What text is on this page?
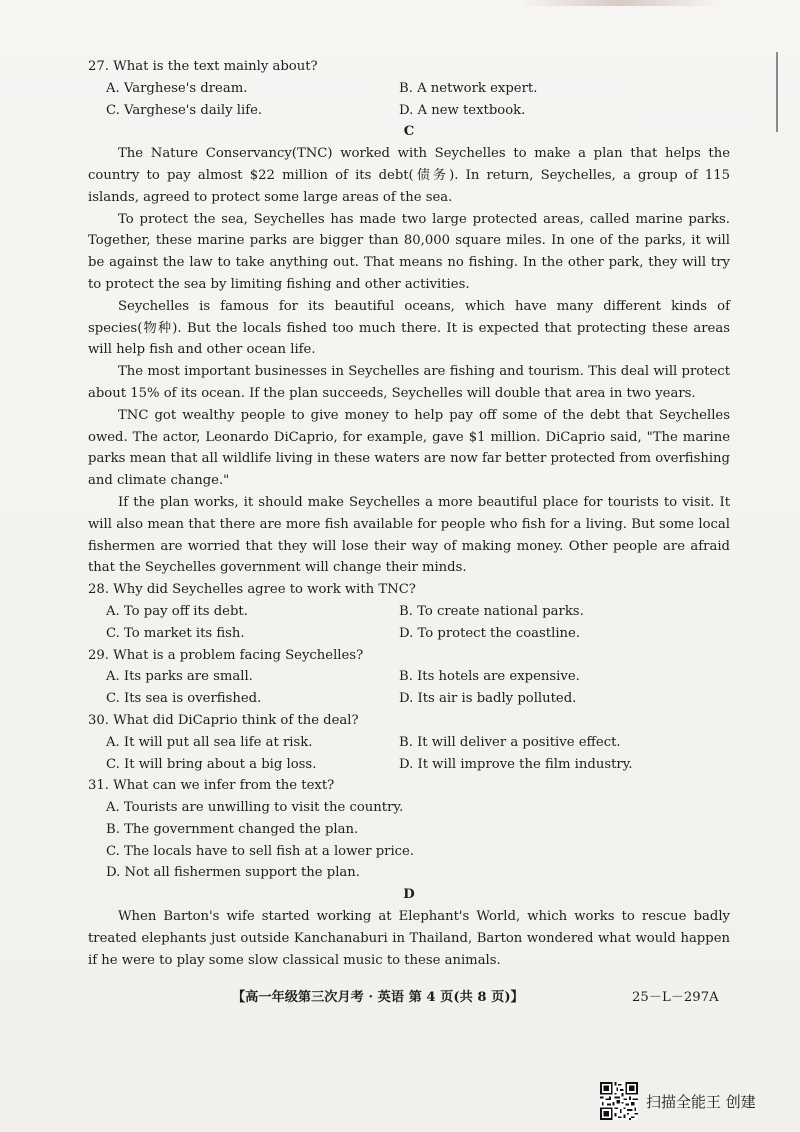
27. What is the text mainly about?
A. Varghese's dream.	B. A network expert.
C. Varghese's daily life.	D. A new textbook.
C
The Nature Conservancy(TNC) worked with Seychelles to make a plan that helps the country to pay almost $22 million of its debt(债务). In return, Seychelles, a group of 115 islands, agreed to protect some large areas of the sea.
To protect the sea, Seychelles has made two large protected areas, called marine parks. Together, these marine parks are bigger than 80,000 square miles. In one of the parks, it will be against the law to take anything out. That means no fishing. In the other park, they will try to protect the sea by limiting fishing and other activities.
Seychelles is famous for its beautiful oceans, which have many different kinds of species(物种). But the locals fished too much there. It is expected that protecting these areas will help fish and other ocean life.
The most important businesses in Seychelles are fishing and tourism. This deal will protect about 15% of its ocean. If the plan succeeds, Seychelles will double that area in two years.
TNC got wealthy people to give money to help pay off some of the debt that Seychelles owed. The actor, Leonardo DiCaprio, for example, gave $1 million. DiCaprio said, "The marine parks mean that all wildlife living in these waters are now far better protected from overfishing and climate change."
If the plan works, it should make Seychelles a more beautiful place for tourists to visit. It will also mean that there are more fish available for people who fish for a living. But some local fishermen are worried that they will lose their way of making money. Other people are afraid that the Seychelles government will change their minds.
28. Why did Seychelles agree to work with TNC?
A. To pay off its debt.	B. To create national parks.
C. To market its fish.	D. To protect the coastline.
29. What is a problem facing Seychelles?
A. Its parks are small.	B. Its hotels are expensive.
C. Its sea is overfished.	D. Its air is badly polluted.
30. What did DiCaprio think of the deal?
A. It will put all sea life at risk.	B. It will deliver a positive effect.
C. It will bring about a big loss.	D. It will improve the film industry.
31. What can we infer from the text?
A. Tourists are unwilling to visit the country.
B. The government changed the plan.
C. The locals have to sell fish at a lower price.
D. Not all fishermen support the plan.
D
When Barton's wife started working at Elephant's World, which works to rescue badly treated elephants just outside Kanchanaburi in Thailand, Barton wondered what would happen if he were to play some slow classical music to these animals.
【高一年级第三次月考 · 英语 第 4 页(共 8 页)】	25－L－297A
扫描全能王 创建
